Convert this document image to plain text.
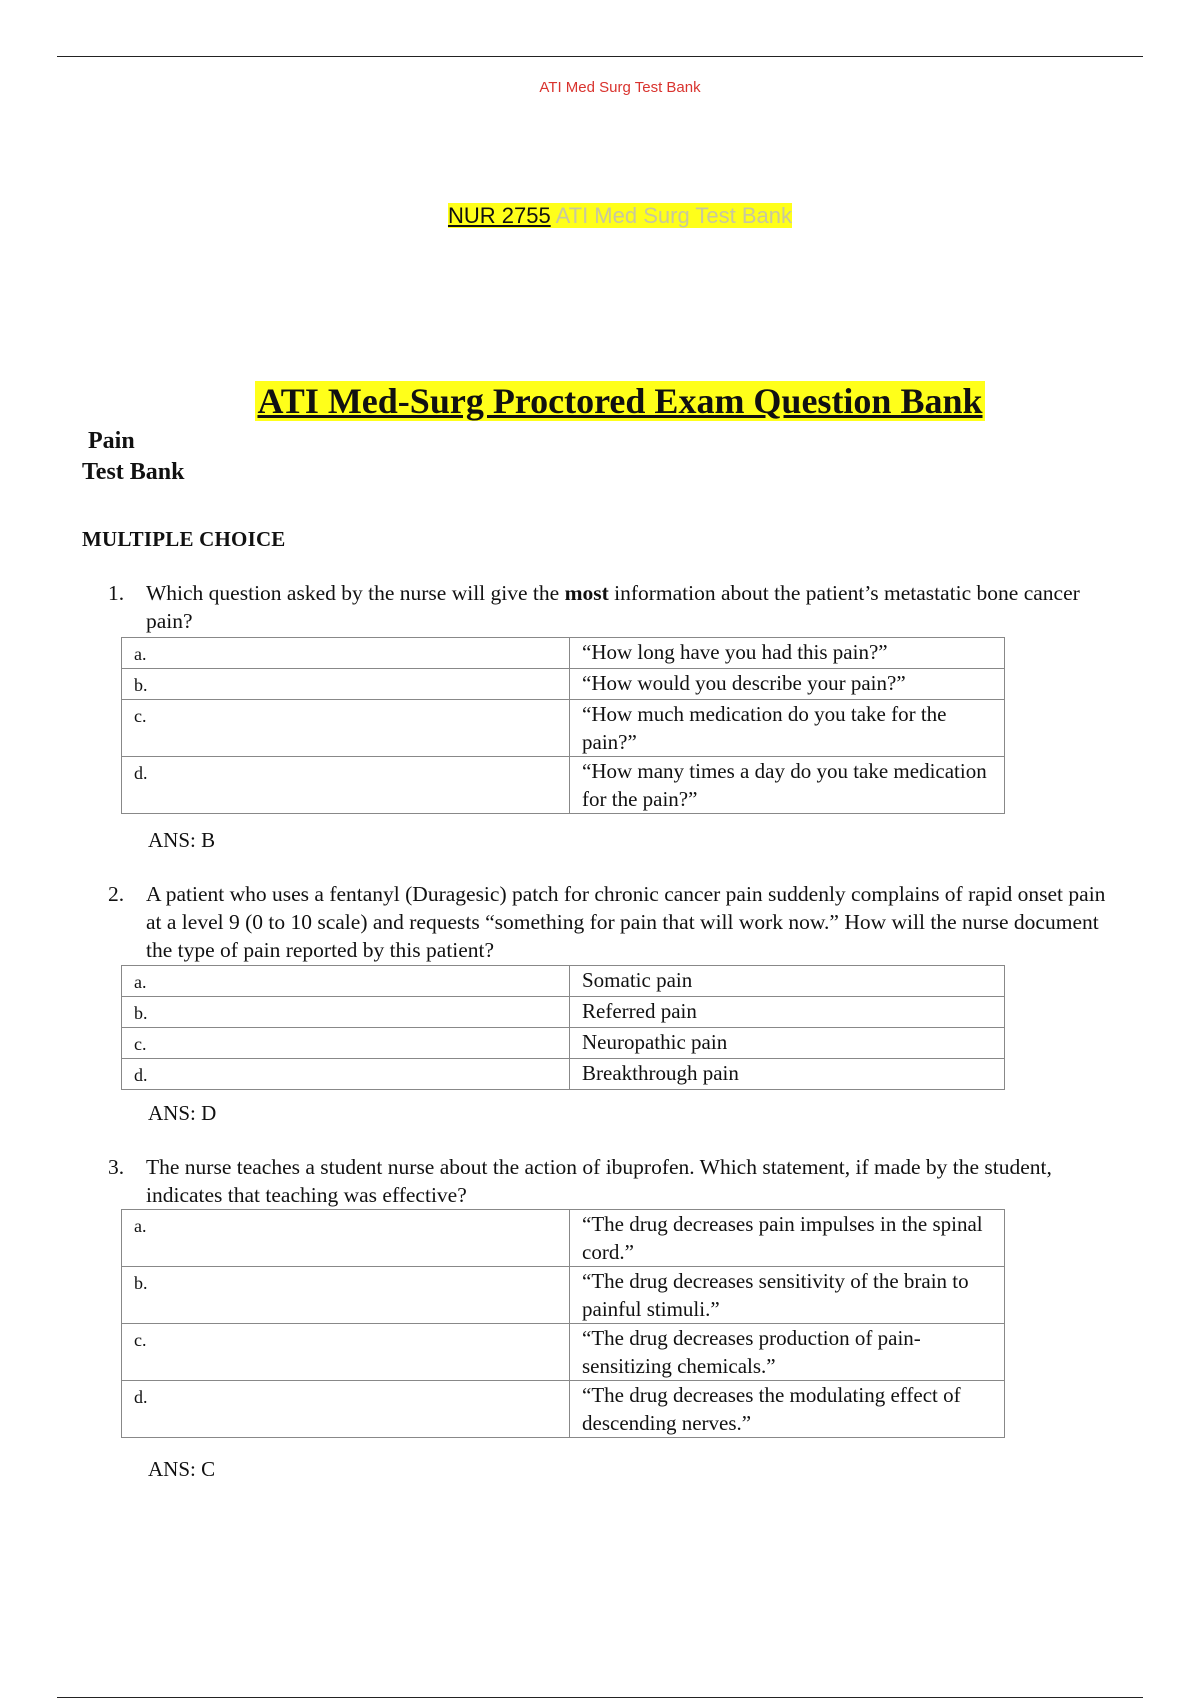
ATI Med Surg Test Bank
NUR 2755 ATI Med Surg Test Bank
ATI Med-Surg Proctored Exam Question Bank
Pain
Test Bank
MULTIPLE CHOICE
1. Which question asked by the nurse will give the most information about the patient’s metastatic bone cancer pain?
a.	“How long have you had this pain?”
b.	“How would you describe your pain?”
c.	“How much medication do you take for the pain?”
d.	“How many times a day do you take medication for the pain?”
ANS: B
2. A patient who uses a fentanyl (Duragesic) patch for chronic cancer pain suddenly complains of rapid onset pain at a level 9 (0 to 10 scale) and requests “something for pain that will work now.” How will the nurse document the type of pain reported by this patient?
a.	Somatic pain
b.	Referred pain
c.	Neuropathic pain
d.	Breakthrough pain
ANS: D
3. The nurse teaches a student nurse about the action of ibuprofen. Which statement, if made by the student, indicates that teaching was effective?
a.	“The drug decreases pain impulses in the spinal cord.”
b.	“The drug decreases sensitivity of the brain to painful stimuli.”
c.	“The drug decreases production of pain-sensitizing chemicals.”
d.	“The drug decreases the modulating effect of descending nerves.”
ANS: C
